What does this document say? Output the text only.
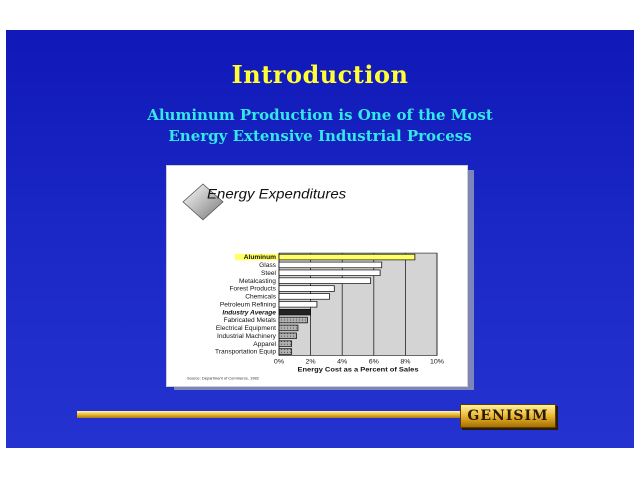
Introduction
Aluminum Production is One of the Most
Energy Extensive Industrial Process
Energy Expenditures
Aluminum
Glass
Steel
Metalcasting
Forest Products
Chemicals
Petroleum Refining
Industry Average
Fabricated Metals
Electrical Equipment
Industrial Machinery
Apparel
Transportation Equip
0%	2%	4%	6%	8%	10%
Energy Cost as a Percent of Sales
Source: Department of Commerce, 1982
GENISIM
